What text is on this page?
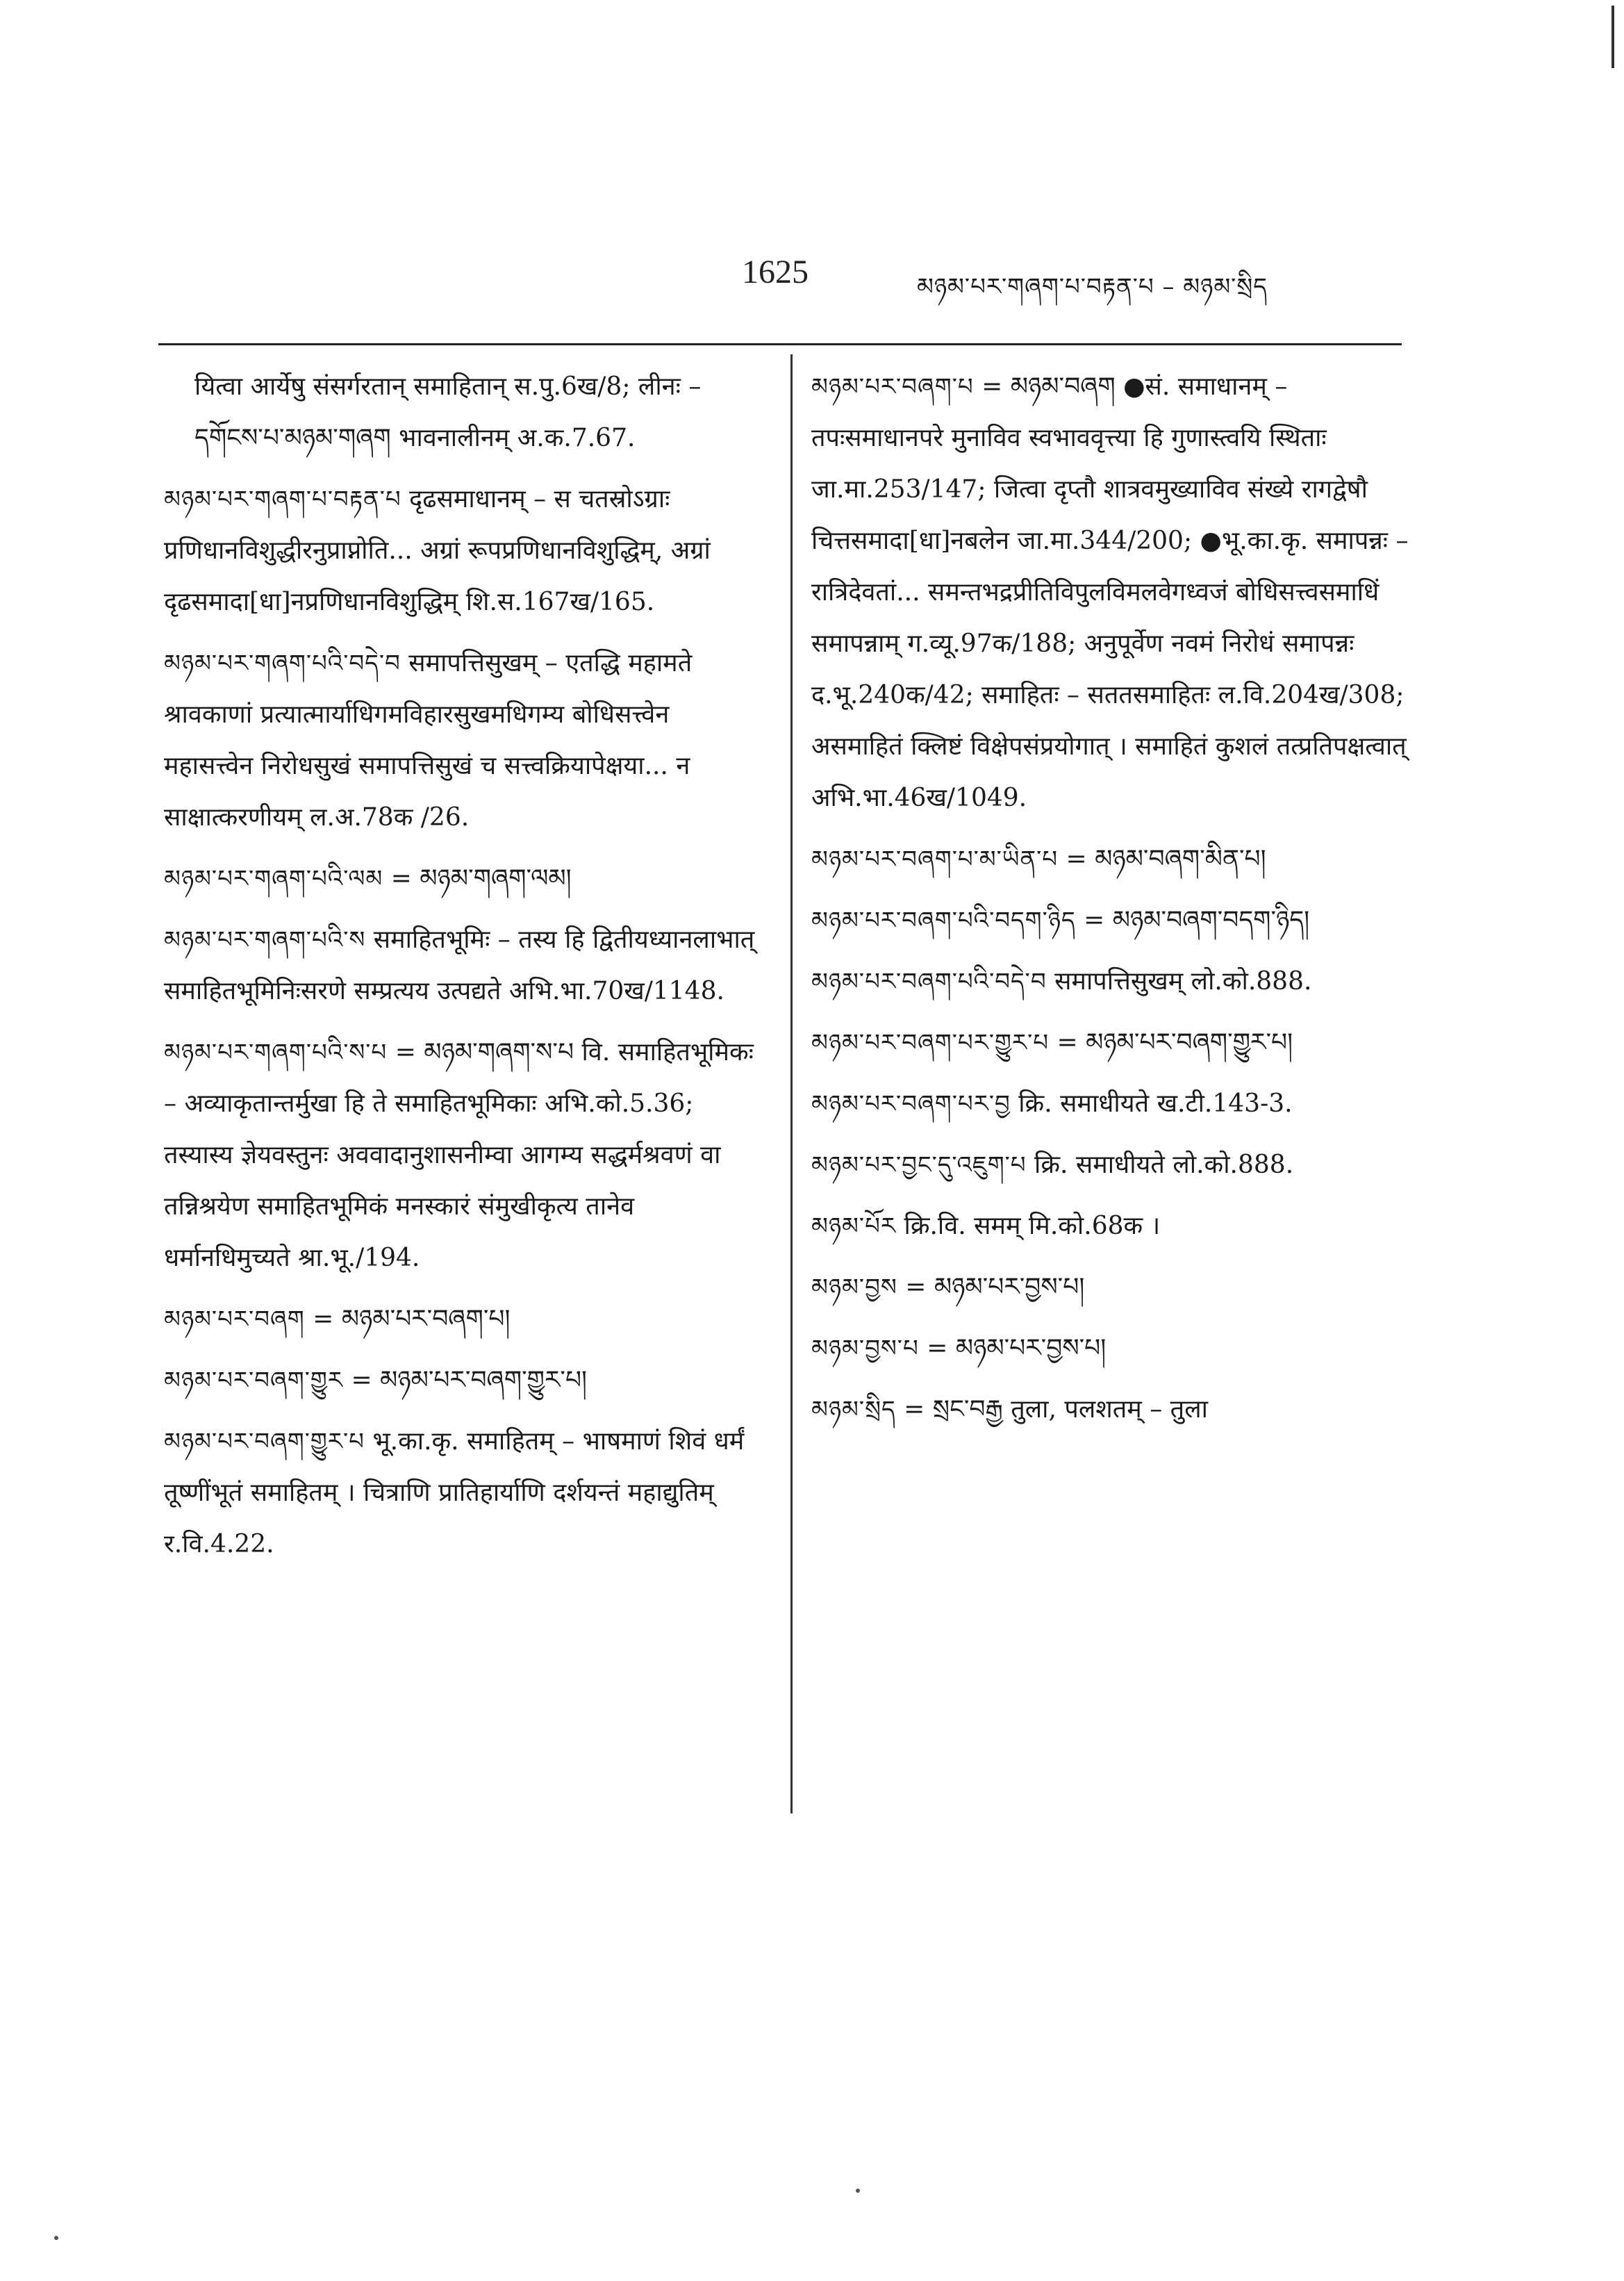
1625	མཉམ་པར་གཞག་པ་བརྟན་པ – མཉམ་སྲིད
यित्वा आर्येषु संसर्गरतान् समाहितान् स.पु.6ख/8; लीनः – དགོངས་པ་མཉམ་གཞག भावनालीनम् अ.क.7.67.
མཉམ་པར་གཞག་པ་བརྟན་པ दृढसमाधानम् – स चतस्रोऽग्राः प्रणिधानविशुद्धीरनुप्राप्नोति... अग्रां रूपप्रणिधानविशुद्धिम्, अग्रां दृढसमादा[धा]नप्रणिधानविशुद्धिम् शि.स.167ख/165.
མཉམ་པར་གཞག་པའི་བདེ་བ समापत्तिसुखम् – एतद्धि महामते श्रावकाणां प्रत्यात्मार्याधिगमविहारसुखमधिगम्य बोधिसत्त्वेन महासत्त्वेन निरोधसुखं समापत्तिसुखं च सत्त्वक्रियापेक्षया... न साक्षात्करणीयम् ल.अ.78क /26.
མཉམ་པར་གཞག་པའི་ལམ = མཉམ་གཞག་ལམ།
མཉམ་པར་གཞག་པའི་ས समाहितभूमिः – तस्य हि द्वितीयध्यानलाभात् समाहितभूमिनिःसरणे सम्प्रत्यय उत्पद्यते अभि.भा.70ख/1148.
མཉམ་པར་གཞག་པའི་ས་པ = མཉམ་གཞག་ས་པ वि. समाहितभूमिकः – अव्याकृतान्तर्मुखा हि ते समाहितभूमिकाः अभि.को.5.36; तस्यास्य ज्ञेयवस्तुनः अववादानुशासनीम्वा आगम्य सद्धर्मश्रवणं वा तन्निश्रयेण समाहितभूमिकं मनस्कारं संमुखीकृत्य तानेव धर्मानधिमुच्यते श्रा.भू./194.
མཉམ་པར་བཞག = མཉམ་པར་བཞག་པ།
མཉམ་པར་བཞག་གྱུར = མཉམ་པར་བཞག་གྱུར་པ།
མཉམ་པར་བཞག་གྱུར་པ भू.का.कृ. समाहितम् – भाषमाणं शिवं धर्मं तूष्णींभूतं समाहितम् । चित्राणि प्रातिहार्याणि दर्शयन्तं महाद्युतिम् र.वि.4.22.
མཉམ་པར་བཞག་པ = མཉམ་བཞག ●सं. समाधानम् – तपःसमाधानपरे मुनाविव स्वभाववृत्त्या हि गुणास्त्वयि स्थिताः जा.मा.253/147; जित्वा दृप्तौ शात्रवमुख्याविव संख्ये रागद्वेषौ चित्तसमादा[धा]नबलेन जा.मा.344/200; ●भू.का.कृ. समापन्नः – रात्रिदेवतां... समन्तभद्रप्रीतिविपुलविमलवेगध्वजं बोधिसत्त्वसमाधिं समापन्नाम् ग.व्यू.97क/188; अनुपूर्वेण नवमं निरोधं समापन्नः द.भू.240क/42; समाहितः – सततसमाहितः ल.वि.204ख/308; असमाहितं क्लिष्टं विक्षेपसंप्रयोगात् । समाहितं कुशलं तत्प्रतिपक्षत्वात् अभि.भा.46ख/1049.
མཉམ་པར་བཞག་པ་མ་ཡིན་པ = མཉམ་བཞག་མིན་པ།
མཉམ་པར་བཞག་པའི་བདག་ཉིད = མཉམ་བཞག་བདག་ཉིད།
མཉམ་པར་བཞག་པའི་བདེ་བ समापत्तिसुखम् लो.को.888.
མཉམ་པར་བཞག་པར་གྱུར་པ = མཉམ་པར་བཞག་གྱུར་པ།
མཉམ་པར་བཞག་པར་བྱ क्रि. समाधीयते ख.टी.143-3.
མཉམ་པར་བྱང་དུ་འཇུག་པ क्रि. समाधीयते लो.को.888.
མཉམ་པོར क्रि.वि. समम् मि.को.68क ।
མཉམ་བྱས = མཉམ་པར་བྱས་པ།
མཉམ་བྱས་པ = མཉམ་པར་བྱས་པ།
མཉམ་སྲིད = སྲང་བརྒྱ तुला, पलशतम् – तुला
